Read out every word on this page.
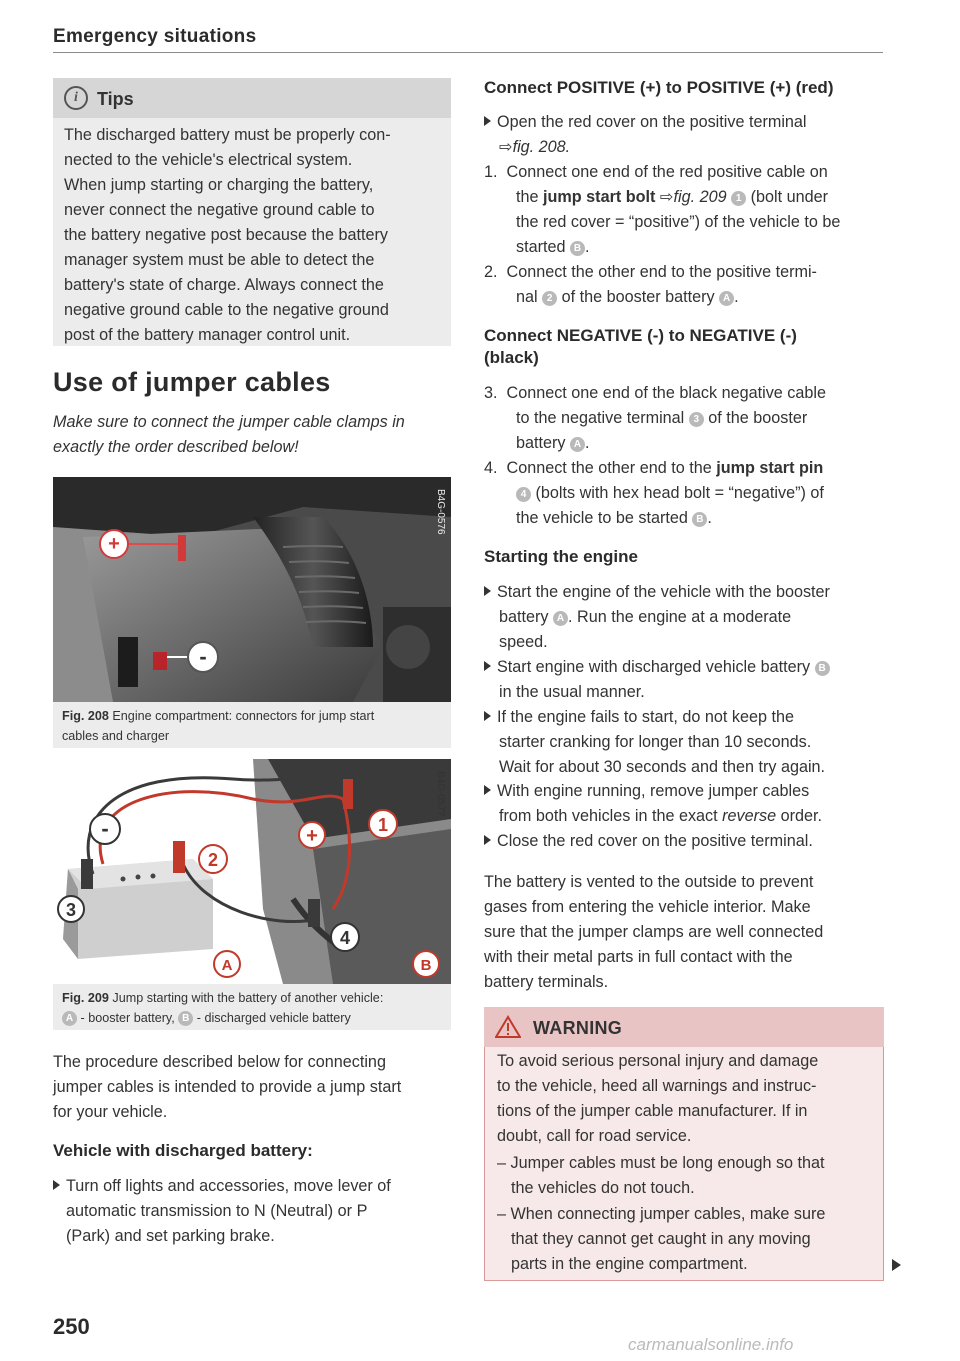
Emergency situations
i	Tips
The discharged battery must be properly con-
nected to the vehicle's electrical system.
When jump starting or charging the battery,
never connect the negative ground cable to
the battery negative post because the battery
manager system must be able to detect the
battery's state of charge. Always connect the
negative ground cable to the negative ground
post of the battery manager control unit.
Use of jumper cables
Make sure to connect the jumper cable clamps in
exactly the order described below!
+
-
B4G-0576
Fig. 208 Engine compartment: connectors for jump start
cables and charger
-	+	1
2
3
4
A	B
B4G-0577
Fig. 209 Jump starting with the battery of another vehicle:
A - booster battery, B - discharged vehicle battery
The procedure described below for connecting
jumper cables is intended to provide a jump start
for your vehicle.
Vehicle with discharged battery:
Turn off lights and accessories, move lever of
automatic transmission to N (Neutral) or P
(Park) and set parking brake.
Connect POSITIVE (+) to POSITIVE (+) (red)
Open the red cover on the positive terminal
⇨fig. 208.
1. Connect one end of the red positive cable on
the jump start bolt ⇨fig. 209 1 (bolt under
the red cover = “positive”) of the vehicle to be
started B .
2. Connect the other end to the positive termi-
nal 2 of the booster battery A .
Connect NEGATIVE (-) to NEGATIVE (-)
(black)
3. Connect one end of the black negative cable
to the negative terminal 3 of the booster
battery A .
4. Connect the other end to the jump start pin
4 (bolts with hex head bolt = “negative”) of
the vehicle to be started B .
Starting the engine
Start the engine of the vehicle with the booster
battery A . Run the engine at a moderate
speed.
Start engine with discharged vehicle battery B
in the usual manner.
If the engine fails to start, do not keep the
starter cranking for longer than 10 seconds.
Wait for about 30 seconds and then try again.
With engine running, remove jumper cables
from both vehicles in the exact reverse order.
Close the red cover on the positive terminal.
The battery is vented to the outside to prevent
gases from entering the vehicle interior. Make
sure that the jumper clamps are well connected
with their metal parts in full contact with the
battery terminals.
WARNING
To avoid serious personal injury and damage
to the vehicle, heed all warnings and instruc-
tions of the jumper cable manufacturer. If in
doubt, call for road service.
– Jumper cables must be long enough so that
the vehicles do not touch.
– When connecting jumper cables, make sure
that they cannot get caught in any moving
parts in the engine compartment.
250
carmanualsonline.info
